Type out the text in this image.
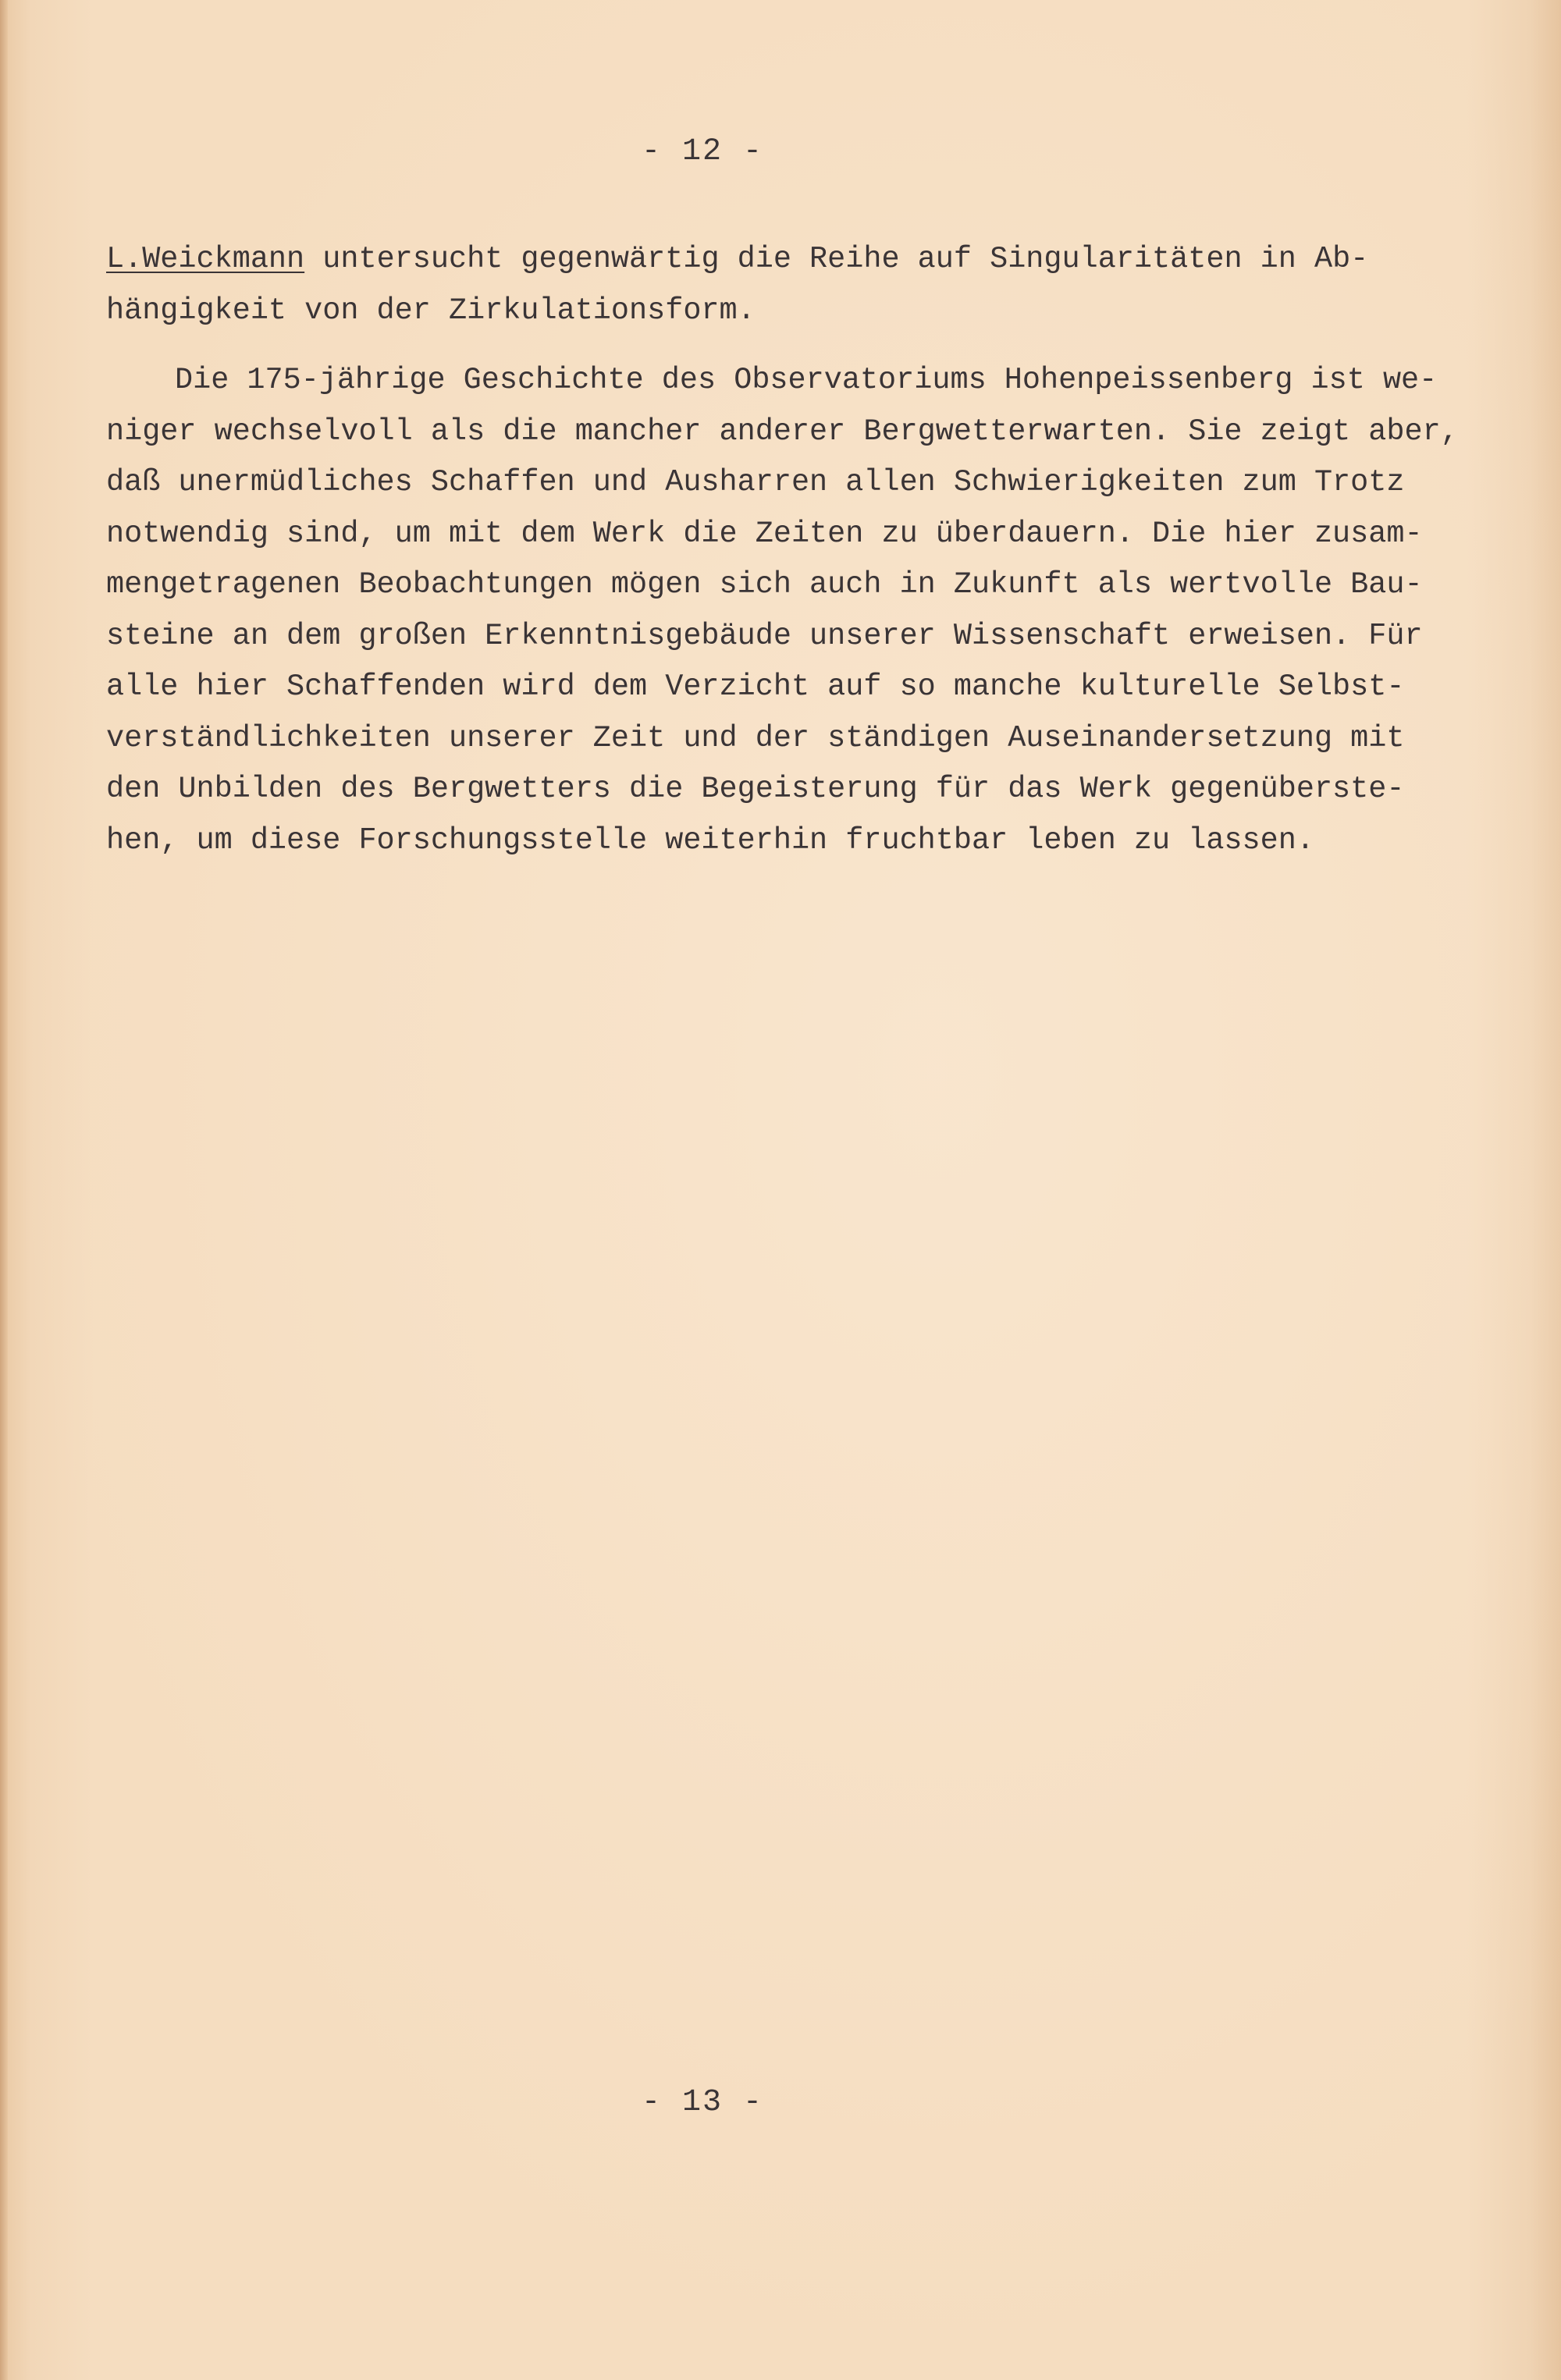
- 12 -
L.Weickmann untersucht gegenwärtig die Reihe auf Singularitäten in Ab-
hängigkeit von der Zirkulationsform.
Die 175-jährige Geschichte des Observatoriums Hohenpeissenberg ist we-
niger wechselvoll als die mancher anderer Bergwetterwarten. Sie zeigt aber,
daß unermüdliches Schaffen und Ausharren allen Schwierigkeiten zum Trotz
notwendig sind, um mit dem Werk die Zeiten zu überdauern. Die hier zusam-
mengetragenen Beobachtungen mögen sich auch in Zukunft als wertvolle Bau-
steine an dem großen Erkenntnisgebäude unserer Wissenschaft erweisen. Für
alle hier Schaffenden wird dem Verzicht auf so manche kulturelle Selbst-
verständlichkeiten unserer Zeit und der ständigen Auseinandersetzung mit
den Unbilden des Bergwetters die Begeisterung für das Werk gegenüberste-
hen, um diese Forschungsstelle weiterhin fruchtbar leben zu lassen.
- 13 -
